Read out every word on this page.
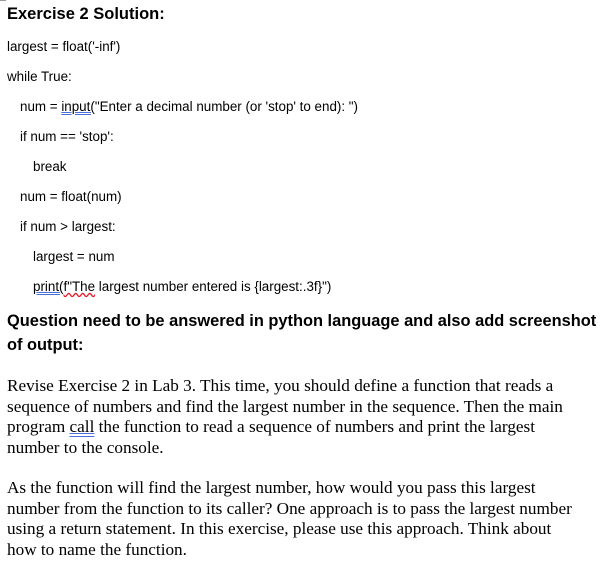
Exercise 2 Solution:
largest = float('-inf')
while True:
num = input("Enter a decimal number (or 'stop' to end): ")
if num == 'stop':
break
num = float(num)
if num > largest:
largest = num
print(f"The largest number entered is {largest:.3f}")
Question need to be answered in python language and also add screenshot of output:
Revise Exercise 2 in Lab 3. This time, you should define a function that reads a
sequence of numbers and find the largest number in the sequence. Then the main
program call the function to read a sequence of numbers and print the largest
number to the console.
As the function will find the largest number, how would you pass this largest
number from the function to its caller? One approach is to pass the largest number
using a return statement. In this exercise, please use this approach. Think about
how to name the function.
